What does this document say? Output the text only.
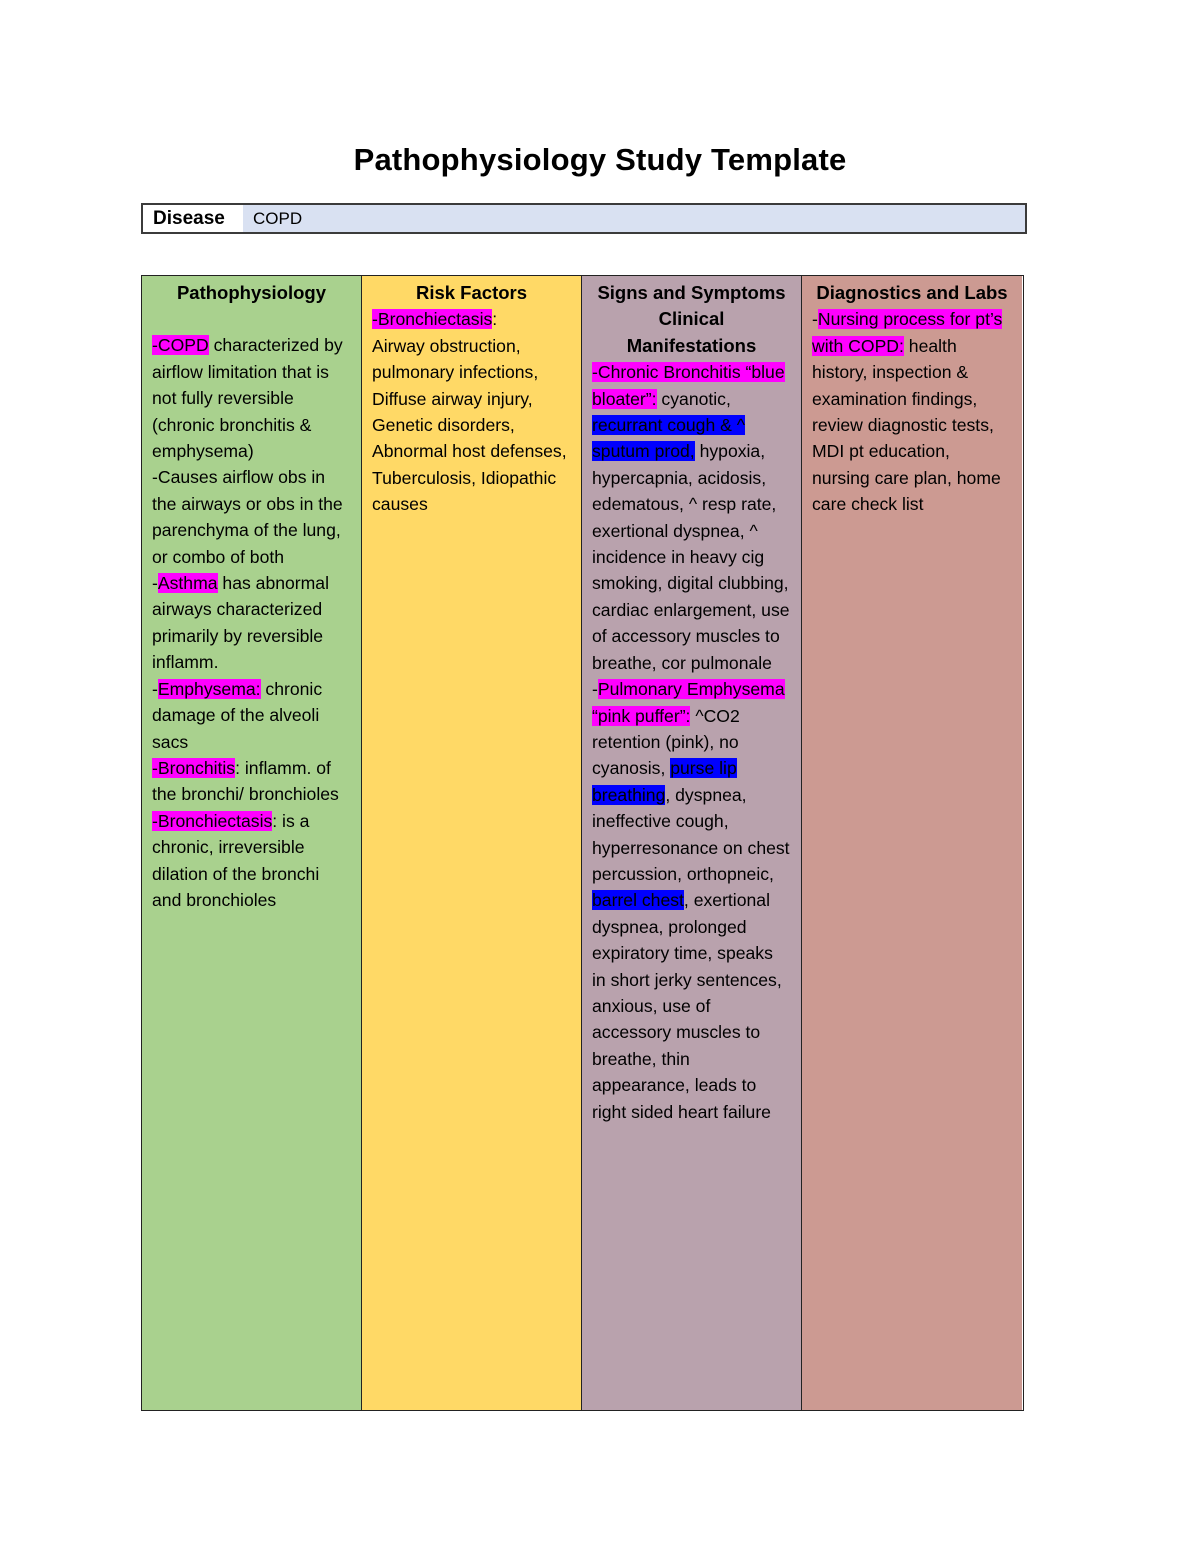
Pathophysiology Study Template
Disease	COPD
Pathophysiology

-COPD characterized by airflow limitation that is not fully reversible (chronic bronchitis & emphysema)

-Causes airflow obs in the airways or obs in the parenchyma of the lung, or combo of both

-Asthma has abnormal airways characterized primarily by reversible inflamm.

-Emphysema: chronic damage of the alveoli sacs

-Bronchitis: inflamm. of the bronchi/ bronchioles

-Bronchiectasis: is a chronic, irreversible dilation of the bronchi and bronchioles

Risk Factors

-Bronchiectasis:

Airway obstruction, pulmonary infections, Diffuse airway injury, Genetic disorders, Abnormal host defenses, Tuberculosis, Idiopathic causes

Signs and Symptoms
Clinical Manifestations

-Chronic Bronchitis “blue bloater”: cyanotic, recurrant cough & ^ sputum prod, hypoxia, hypercapnia, acidosis, edematous, ^ resp rate, exertional dyspnea, ^ incidence in heavy cig smoking, digital clubbing, cardiac enlargement, use of accessory muscles to breathe, cor pulmonale

-Pulmonary Emphysema “pink puffer”: ^CO2 retention (pink), no cyanosis, purse lip breathing, dyspnea, ineffective cough, hyperresonance on chest percussion, orthopneic, barrel chest, exertional dyspnea, prolonged expiratory time, speaks in short jerky sentences, anxious, use of accessory muscles to breathe, thin appearance, leads to right sided heart failure

Diagnostics and Labs

-Nursing process for pt’s with COPD: health history, inspection & examination findings, review diagnostic tests, MDI pt education, nursing care plan, home care check list
